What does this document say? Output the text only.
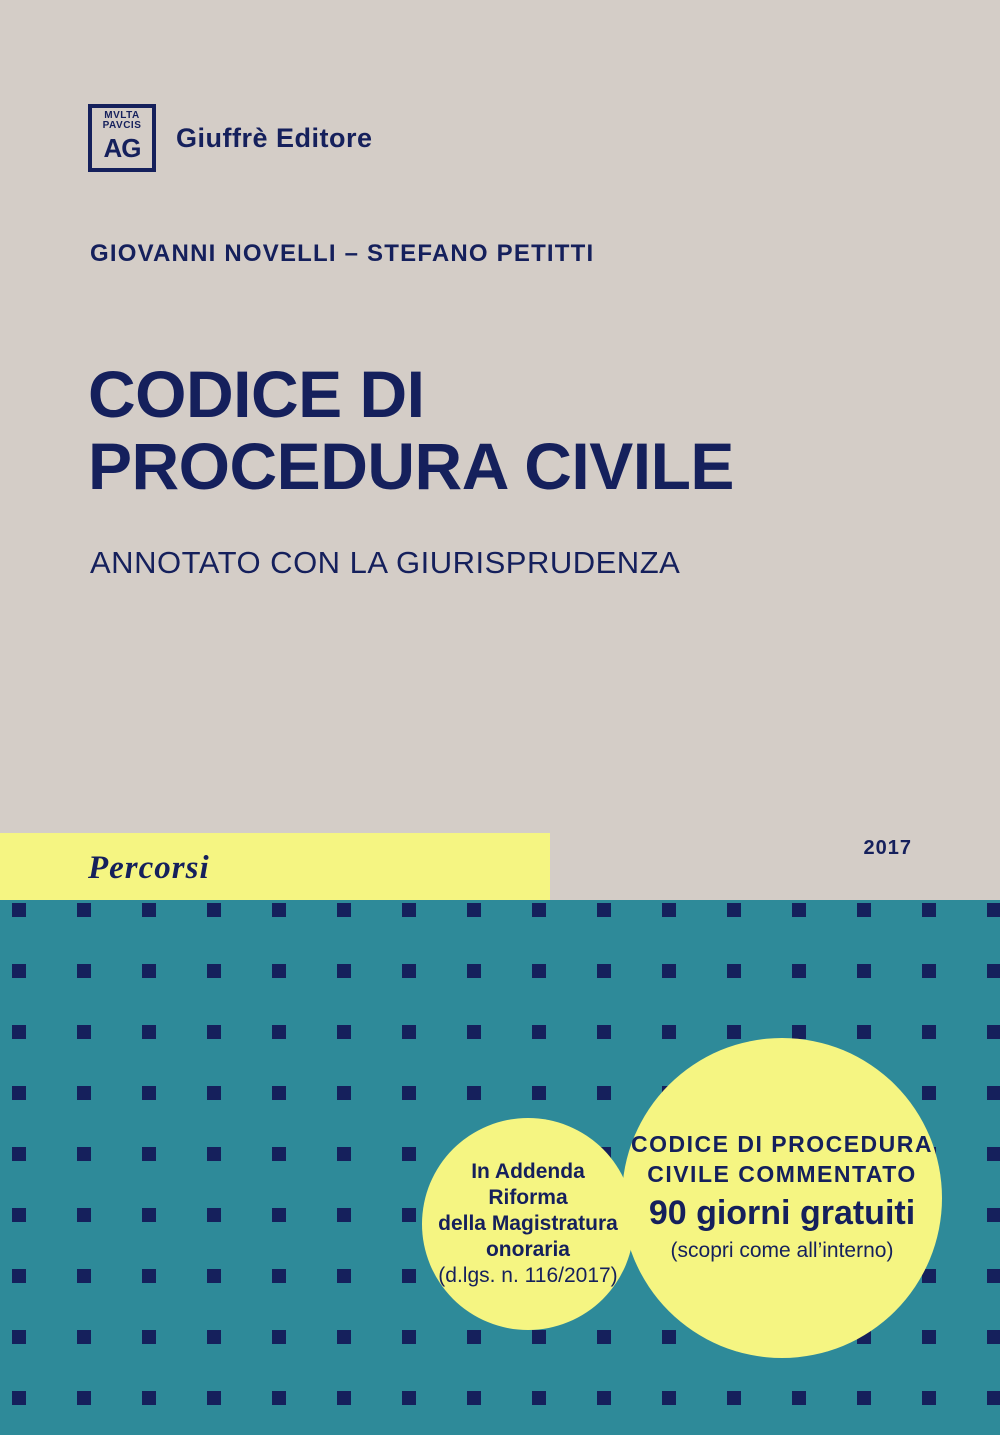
MVLTA
PAVCIS
AG Giuffrè Editore
GIOVANNI NOVELLI – STEFANO PETITTI
CODICE DI
PROCEDURA CIVILE
ANNOTATO CON LA GIURISPRUDENZA
2017
Percorsi
CODICE DI PROCEDURA
CIVILE COMMENTATO
90 giorni gratuiti
(scopri come all’interno)
In Addenda
Riforma
della Magistratura
onoraria
(d.lgs. n. 116/2017)
